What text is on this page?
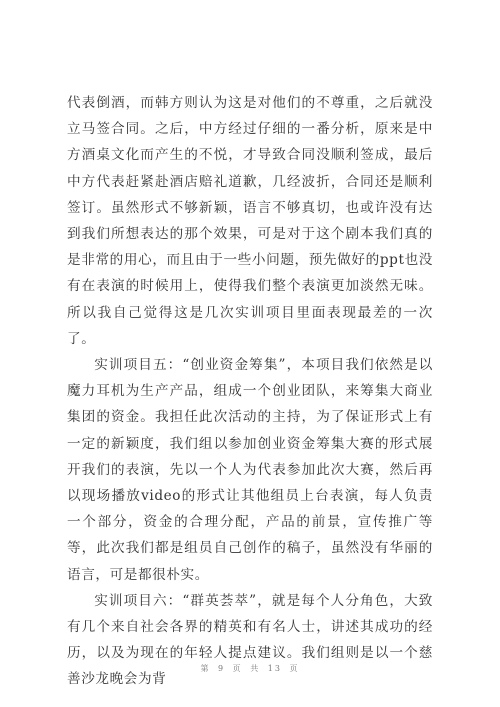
代表倒酒，而韩方则认为这是对他们的不尊重，之后就没立马签合同。之后，中方经过仔细的一番分析，原来是中方酒桌文化而产生的不悦，才导致合同没顺利签成，最后中方代表赶紧赴酒店赔礼道歉，几经波折，合同还是顺利签订。虽然形式不够新颖，语言不够真切，也或许没有达到我们所想表达的那个效果，可是对于这个剧本我们真的是非常的用心，而且由于一些小问题，预先做好的ppt也没有在表演的时候用上，使得我们整个表演更加淡然无味。所以我自己觉得这是几次实训项目里面表现最差的一次了。

实训项目五：“创业资金筹集”，本项目我们依然是以魔力耳机为生产产品，组成一个创业团队，来筹集大商业集团的资金。我担任此次活动的主持，为了保证形式上有一定的新颖度，我们组以参加创业资金筹集大赛的形式展开我们的表演，先以一个人为代表参加此次大赛，然后再以现场播放video的形式让其他组员上台表演，每人负责一个部分，资金的合理分配，产品的前景，宣传推广等等，此次我们都是组员自己创作的稿子，虽然没有华丽的语言，可是都很朴实。

实训项目六：“群英荟萃”，就是每个人分角色，大致有几个来自社会各界的精英和有名人士，讲述其成功的经历，以及为现在的年轻人提点建议。我们组则是以一个慈善沙龙晚会为背

第 9 页 共 13 页
